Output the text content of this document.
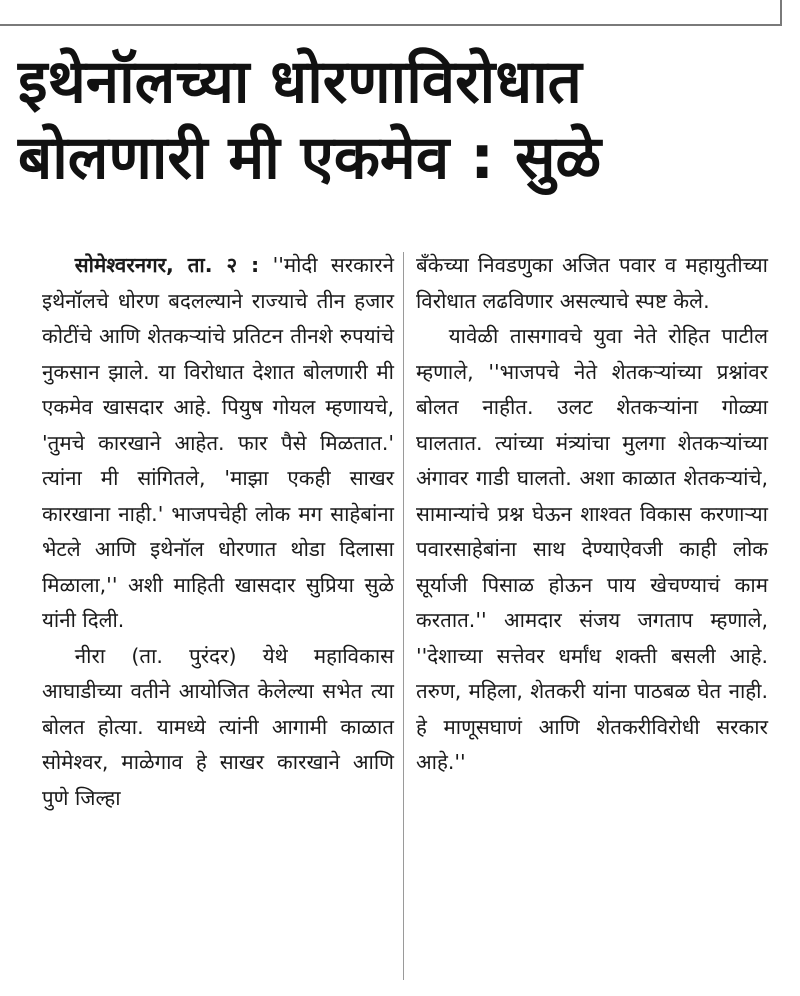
इथेनॉलच्या धोरणाविरोधात
बोलणारी मी एकमेव : सुळे

सोमेश्वरनगर, ता. २ : ''मोदी सरकारने इथेनॉलचे धोरण बदलल्याने राज्याचे तीन हजार कोटींचे आणि शेतकऱ्यांचे प्रतिटन तीनशे रुपयांचे नुकसान झाले. या विरोधात देशात बोलणारी मी एकमेव खासदार आहे. पियुष गोयल म्हणायचे, 'तुमचे कारखाने आहेत. फार पैसे मिळतात.' त्यांना मी सांगितले, 'माझा एकही साखर कारखाना नाही.' भाजपचेही लोक मग साहेबांना भेटले आणि इथेनॉल धोरणात थोडा दिलासा मिळाला,'' अशी माहिती खासदार सुप्रिया सुळे यांनी दिली.

नीरा (ता. पुरंदर) येथे महाविकास आघाडीच्या वतीने आयोजित केलेल्या सभेत त्या बोलत होत्या. यामध्ये त्यांनी आगामी काळात सोमेश्वर, माळेगाव हे साखर कारखाने आणि पुणे जिल्हा

बँकेच्या निवडणुका अजित पवार व महायुतीच्या विरोधात लढविणार असल्याचे स्पष्ट केले.

यावेळी तासगावचे युवा नेते रोहित पाटील म्हणाले, ''भाजपचे नेते शेतकऱ्यांच्या प्रश्नांवर बोलत नाहीत. उलट शेतकऱ्यांना गोळ्या घालतात. त्यांच्या मंत्र्यांचा मुलगा शेतकऱ्यांच्या अंगावर गाडी घालतो. अशा काळात शेतकऱ्यांचे, सामान्यांचे प्रश्न घेऊन शाश्वत विकास करणाऱ्या पवारसाहेबांना साथ देण्याऐवजी काही लोक सूर्याजी पिसाळ होऊन पाय खेचण्याचं काम करतात.'' आमदार संजय जगताप म्हणाले, ''देशाच्या सत्तेवर धर्मांध शक्ती बसली आहे. तरुण, महिला, शेतकरी यांना पाठबळ घेत नाही. हे माणूसघाणं आणि शेतकरीविरोधी सरकार आहे.''
